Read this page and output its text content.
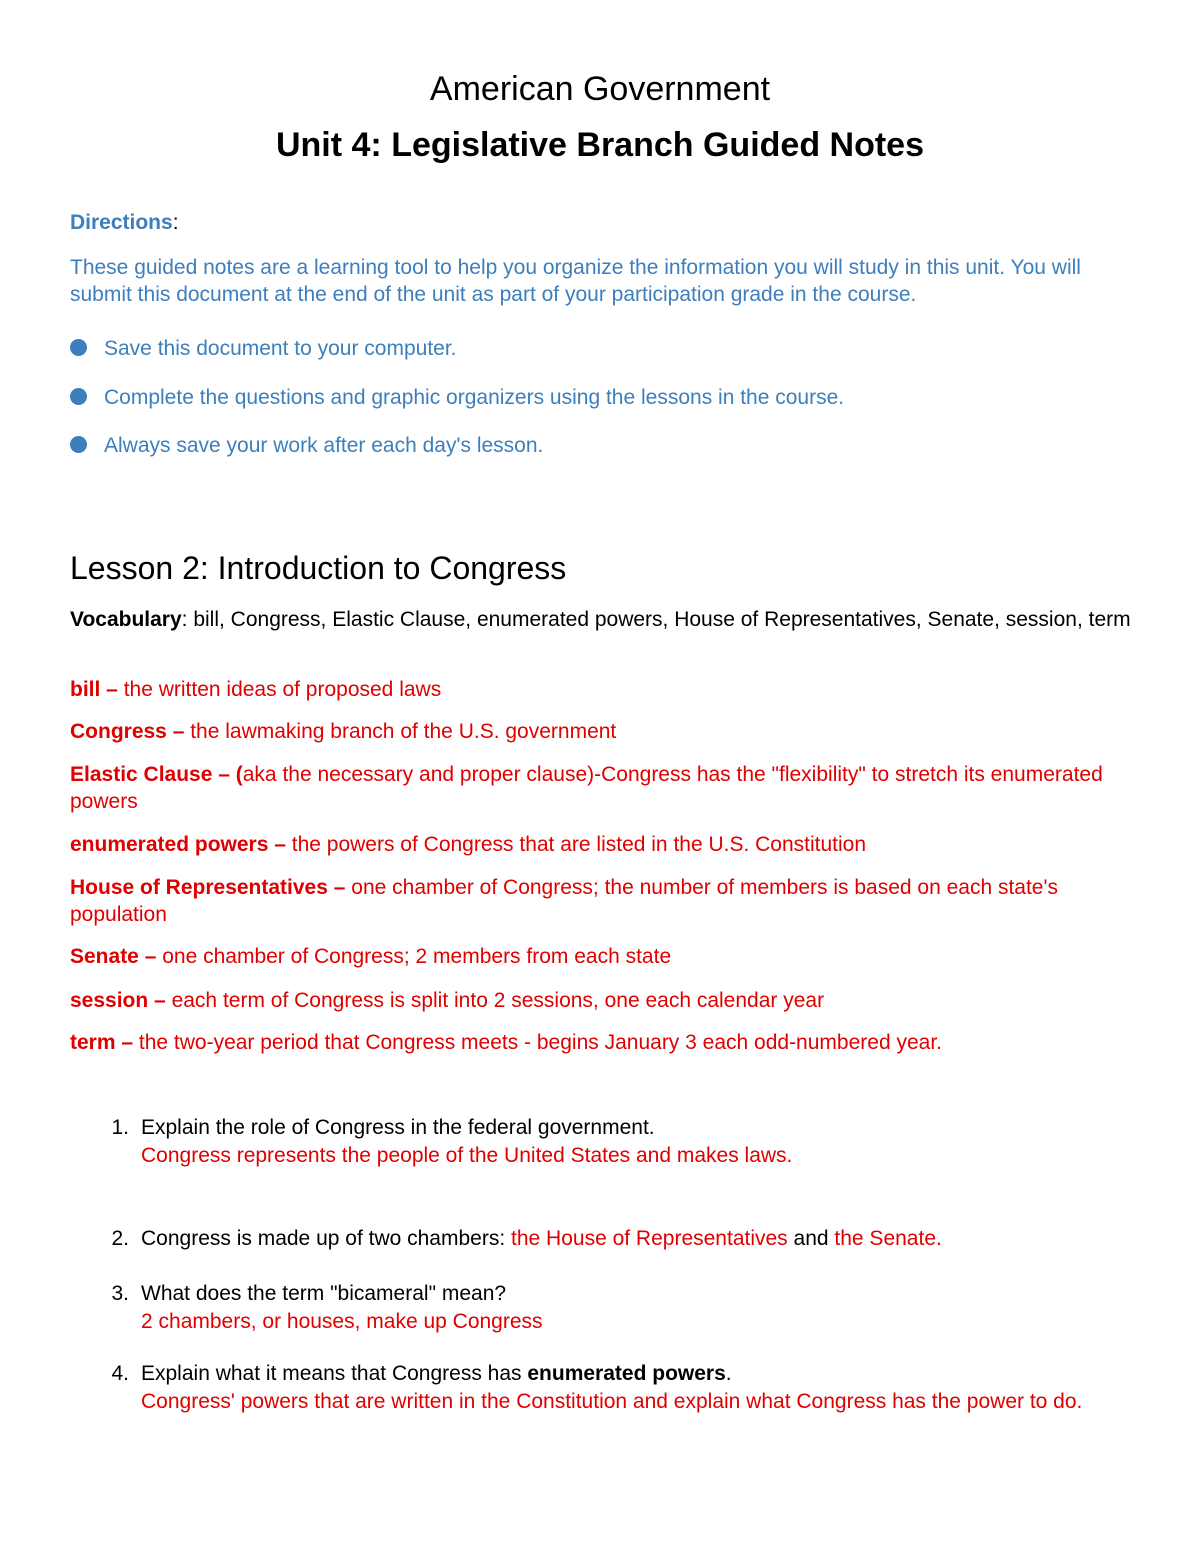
American Government
Unit 4: Legislative Branch Guided Notes
Directions:
These guided notes are a learning tool to help you organize the information you will study in this unit. You will submit this document at the end of the unit as part of your participation grade in the course.
Save this document to your computer.
Complete the questions and graphic organizers using the lessons in the course.
Always save your work after each day's lesson.
Lesson 2: Introduction to Congress
Vocabulary: bill, Congress, Elastic Clause, enumerated powers, House of Representatives, Senate, session, term
bill – the written ideas of proposed laws
Congress – the lawmaking branch of the U.S. government
Elastic Clause – (aka the necessary and proper clause)-Congress has the "flexibility" to stretch its enumerated powers
enumerated powers – the powers of Congress that are listed in the U.S. Constitution
House of Representatives – one chamber of Congress; the number of members is based on each state's population
Senate – one chamber of Congress; 2 members from each state
session – each term of Congress is split into 2 sessions, one each calendar year
term – the two-year period that Congress meets - begins January 3 each odd-numbered year.
1. Explain the role of Congress in the federal government.
Congress represents the people of the United States and makes laws.
2. Congress is made up of two chambers: the House of Representatives and the Senate.
3. What does the term "bicameral" mean?
2 chambers, or houses, make up Congress
4. Explain what it means that Congress has enumerated powers.
Congress' powers that are written in the Constitution and explain what Congress has the power to do.
